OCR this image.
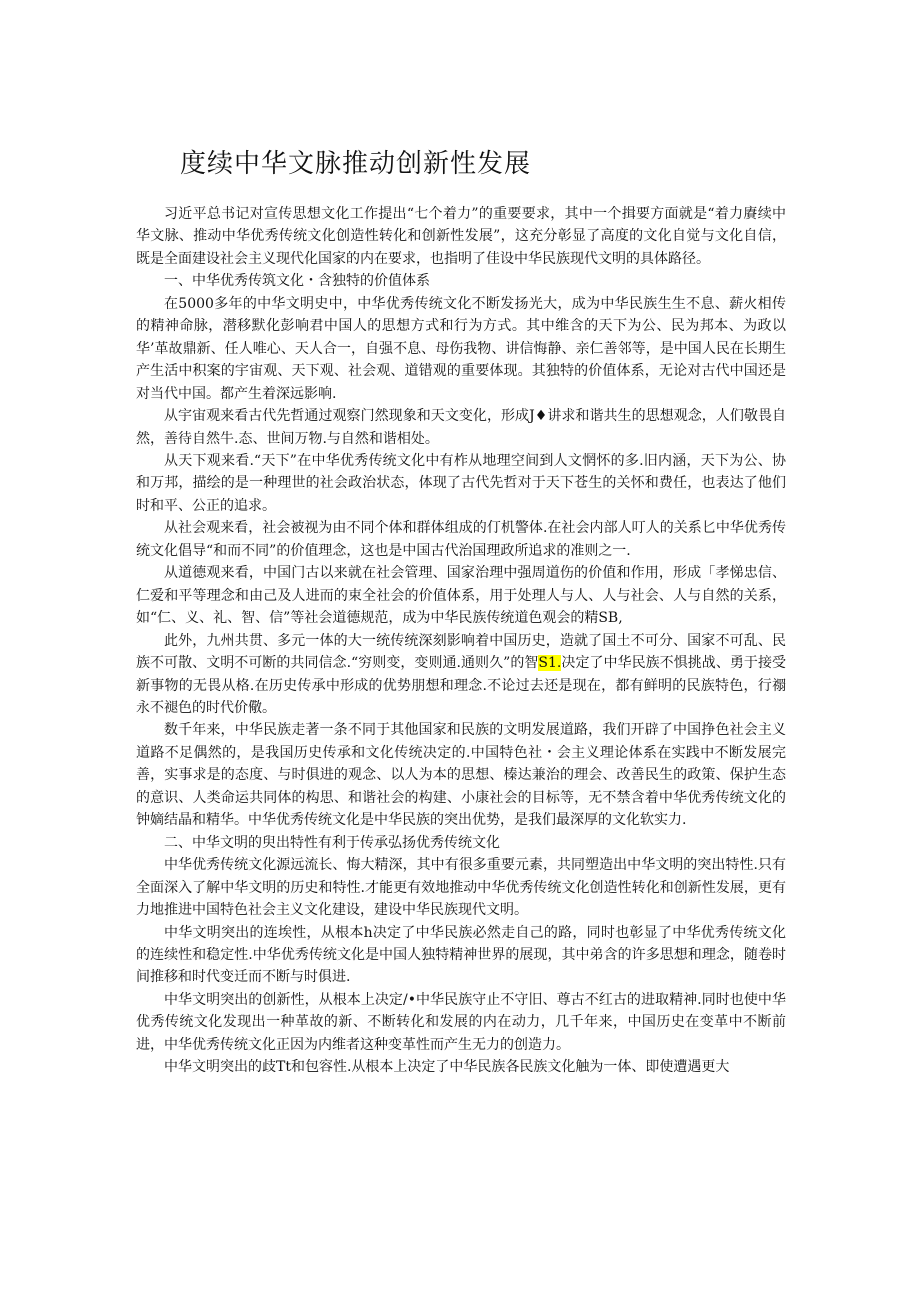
度续中华文脉推动创新性发展

习近平总书记对宣传思想文化工作提出“七个着力”的重要要求，其中一个揖要方面就是“着力賡续中华文脉、推动中华优秀传统文化创造性转化和创新性发展”，这充分彰显了高度的文化自觉与文化自信，既是全面建设社会主义现代化国家的内在要求，也指明了佳设中华民族现代文明的具体路径。

一、中华优秀传筑文化・含独特的价值体系

在5000多年的中华文明史中，中华优秀传统文化不断发扬光大，成为中华民族生生不息、薪火相传的精神命脉，潜移默化彭响君中国人的思想方式和行为方式。其中维含的天下为公、民为邦本、为政以华’革故鼎新、任人唯心、天人合一，自强不息、母伤我物、讲信悔静、亲仁善邻等，是中国人民在长期生产生活中积案的宇宙观、天下观、社会观、道错观的重要体现。其独特的价值体系，无论对古代中国还是对当代中国。都产生着深远影响.

从宇宙观来看古代先哲通过观察门然现象和天文变化，形成J♦讲求和谐共生的思想观念，人们敬畏自然，善待自然牛.态、世间万物.与自然和谐相处。

从天下观来看.“天下”在中华优秀传统文化中有柞从地理空间到人文惘怀的多.旧内涵，天下为公、协和万邦，描绘的是一种理世的社会政治状态，体现了古代先哲对于天下苍生的关怀和费任，也表达了他们时和平、公正的追求。

从社会观来看，社会被视为由不同个体和群体组成的仃机警体.在社会内部人叮人的关系匕中华优秀传统文化倡导“和而不同”的价值理念，这也是中国古代治国理政所追求的准则之一.

从道德观来看，中国门古以来就在社会管理、国家治理中强周道伤的价值和作用，形成「孝悌忠信、仁爱和平等理念和由己及人进而的束全社会的价值体系，用于处理人与人、人与社会、人与自然的关系，如“仁、义、礼、智、信”等社会道德规范，成为中华民族传统道色观会的精SB,

此外，九州共贯、多元一体的大一统传统深刻影响着中国历史，造就了国土不可分、国家不可乱、民族不可散、文明不可断的共同信念.“穷则变，变则通.通则久”的智S1.决定了中华民族不惧挑战、勇于接受新事物的无畏从格.在历史传承中形成的优势朋想和理念.不论过去还是现在，都有鲜明的民族特色，行禤永不褪色的时代价儆。

数千年来，中华民族走著一条不同于其他国家和民族的文明发展道路，我们开辟了中国挣色社会主义道路不足偶然的，是我国历史传承和文化传统决定的.中国特色社・会主义理论体系在实践中不断发展完善，实事求是的态度、与时俱进的观念、以人为本的思想、榛达兼治的理会、改善民生的政策、保护生态的意识、人类命运共同体的构思、和谐社会的构建、小康社会的目标等，无不禁含着中华优秀传统文化的钟嫡结晶和精华。中华优秀传统文化是中华民族的突出优势，是我们最深厚的文化软实力.

二、中华文明的臾出特性有利于传承弘扬优秀传统文化

中华优秀传统文化源远流长、悔大精深，其中有很多重要元素，共同塑造出中华文明的突出特性.只有全面深入了解中华文明的历史和特性.才能更有效地推动中华优秀传统文化创造性转化和创新性发展，更有力地推进中国特色社会主义文化建设，建设中华民族现代文明。

中华文明突出的连埃性，从根本h决定了中华民族必然走自己的路，同时也彰显了中华优秀传统文化的连续性和稳定性.中华优秀传统文化是中国人独特精神世界的展现，其中弟含的许多思想和理念，随卷时间推移和时代变迁而不断与时俱进.

中华文明突出的创新性，从根本上决定/•中华民族守止不守旧、尊古不红古的进取精神.同时也使中华优秀传统文化发现出一种革故的新、不断转化和发展的内在动力，几千年来，中国历史在变革中不断前进，中华优秀传统文化正因为内维者这种变革性而产生无力的创造力。

中华文明突出的歧Tt和包容性.从根本上决定了中华民族各民族文化触为一体、即使遭遇更大
